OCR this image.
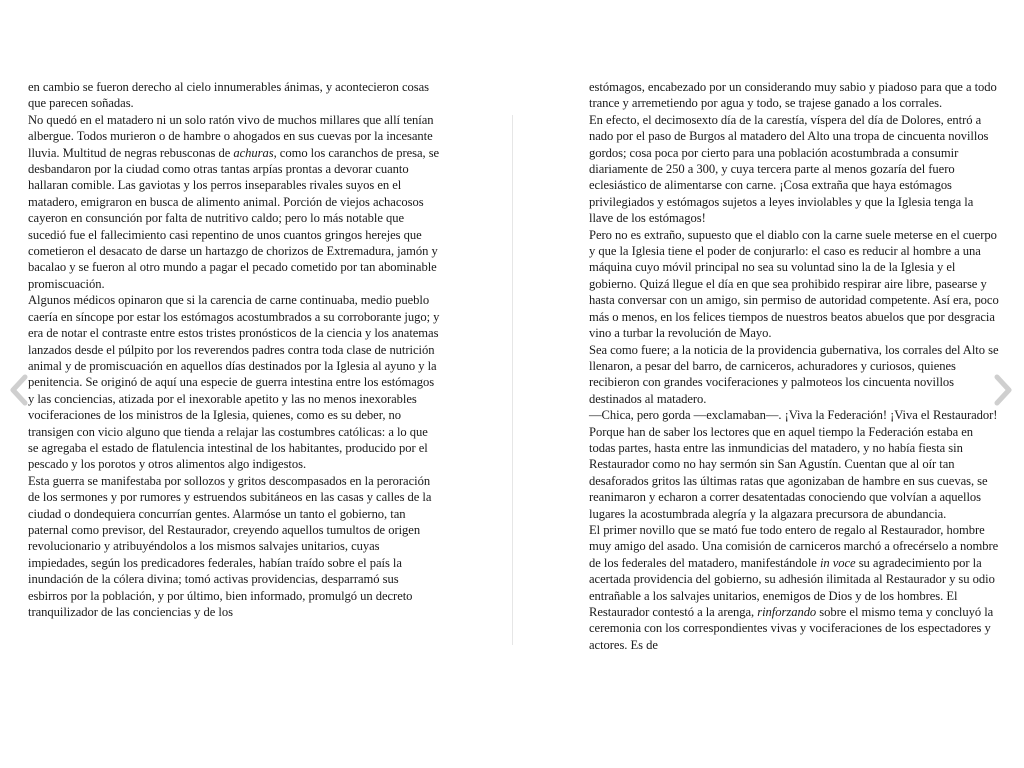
en cambio se fueron derecho al cielo innumerables ánimas, y acontecieron cosas que parecen soñadas.

No quedó en el matadero ni un solo ratón vivo de muchos millares que allí tenían albergue. Todos murieron o de hambre o ahogados en sus cuevas por la incesante lluvia. Multitud de negras rebusconas de achuras, como los caranchos de presa, se desbandaron por la ciudad como otras tantas arpías prontas a devorar cuanto hallaran comible. Las gaviotas y los perros inseparables rivales suyos en el matadero, emigraron en busca de alimento animal. Porción de viejos achacosos cayeron en consunción por falta de nutritivo caldo; pero lo más notable que sucedió fue el fallecimiento casi repentino de unos cuantos gringos herejes que cometieron el desacato de darse un hartazgo de chorizos de Extremadura, jamón y bacalao y se fueron al otro mundo a pagar el pecado cometido por tan abominable promiscuación.

Algunos médicos opinaron que si la carencia de carne continuaba, medio pueblo caería en síncope por estar los estómagos acostumbrados a su corroborante jugo; y era de notar el contraste entre estos tristes pronósticos de la ciencia y los anatemas lanzados desde el púlpito por los reverendos padres contra toda clase de nutrición animal y de promiscuación en aquellos días destinados por la Iglesia al ayuno y la penitencia. Se originó de aquí una especie de guerra intestina entre los estómagos y las conciencias, atizada por el inexorable apetito y las no menos inexorables vociferaciones de los ministros de la Iglesia, quienes, como es su deber, no transigen con vicio alguno que tienda a relajar las costumbres católicas: a lo que se agregaba el estado de flatulencia intestinal de los habitantes, producido por el pescado y los porotos y otros alimentos algo indigestos.

Esta guerra se manifestaba por sollozos y gritos descompasados en la peroración de los sermones y por rumores y estruendos subitáneos en las casas y calles de la ciudad o dondequiera concurrían gentes. Alarmóse un tanto el gobierno, tan paternal como previsor, del Restaurador, creyendo aquellos tumultos de origen revolucionario y atribuyéndolos a los mismos salvajes unitarios, cuyas impiedades, según los predicadores federales, habían traído sobre el país la inundación de la cólera divina; tomó activas providencias, desparramó sus esbirros por la población, y por último, bien informado, promulgó un decreto tranquilizador de las conciencias y de los

estómagos, encabezado por un considerando muy sabio y piadoso para que a todo trance y arremetiendo por agua y todo, se trajese ganado a los corrales.

En efecto, el decimosexto día de la carestía, víspera del día de Dolores, entró a nado por el paso de Burgos al matadero del Alto una tropa de cincuenta novillos gordos; cosa poca por cierto para una población acostumbrada a consumir diariamente de 250 a 300, y cuya tercera parte al menos gozaría del fuero eclesiástico de alimentarse con carne. ¡Cosa extraña que haya estómagos privilegiados y estómagos sujetos a leyes inviolables y que la Iglesia tenga la llave de los estómagos!

Pero no es extraño, supuesto que el diablo con la carne suele meterse en el cuerpo y que la Iglesia tiene el poder de conjurarlo: el caso es reducir al hombre a una máquina cuyo móvil principal no sea su voluntad sino la de la Iglesia y el gobierno. Quizá llegue el día en que sea prohibido respirar aire libre, pasearse y hasta conversar con un amigo, sin permiso de autoridad competente. Así era, poco más o menos, en los felices tiempos de nuestros beatos abuelos que por desgracia vino a turbar la revolución de Mayo.

Sea como fuere; a la noticia de la providencia gubernativa, los corrales del Alto se llenaron, a pesar del barro, de carniceros, achuradores y curiosos, quienes recibieron con grandes vociferaciones y palmoteos los cincuenta novillos destinados al matadero.

—Chica, pero gorda —exclamaban—. ¡Viva la Federación! ¡Viva el Restaurador! Porque han de saber los lectores que en aquel tiempo la Federación estaba en todas partes, hasta entre las inmundicias del matadero, y no había fiesta sin Restaurador como no hay sermón sin San Agustín. Cuentan que al oír tan desaforados gritos las últimas ratas que agonizaban de hambre en sus cuevas, se reanimaron y echaron a correr desatentadas conociendo que volvían a aquellos lugares la acostumbrada alegría y la algazara precursora de abundancia.

El primer novillo que se mató fue todo entero de regalo al Restaurador, hombre muy amigo del asado. Una comisión de carniceros marchó a ofrecérselo a nombre de los federales del matadero, manifestándole in voce su agradecimiento por la acertada providencia del gobierno, su adhesión ilimitada al Restaurador y su odio entrañable a los salvajes unitarios, enemigos de Dios y de los hombres. El Restaurador contestó a la arenga, rinforzando sobre el mismo tema y concluyó la ceremonia con los correspondientes vivas y vociferaciones de los espectadores y actores. Es de
